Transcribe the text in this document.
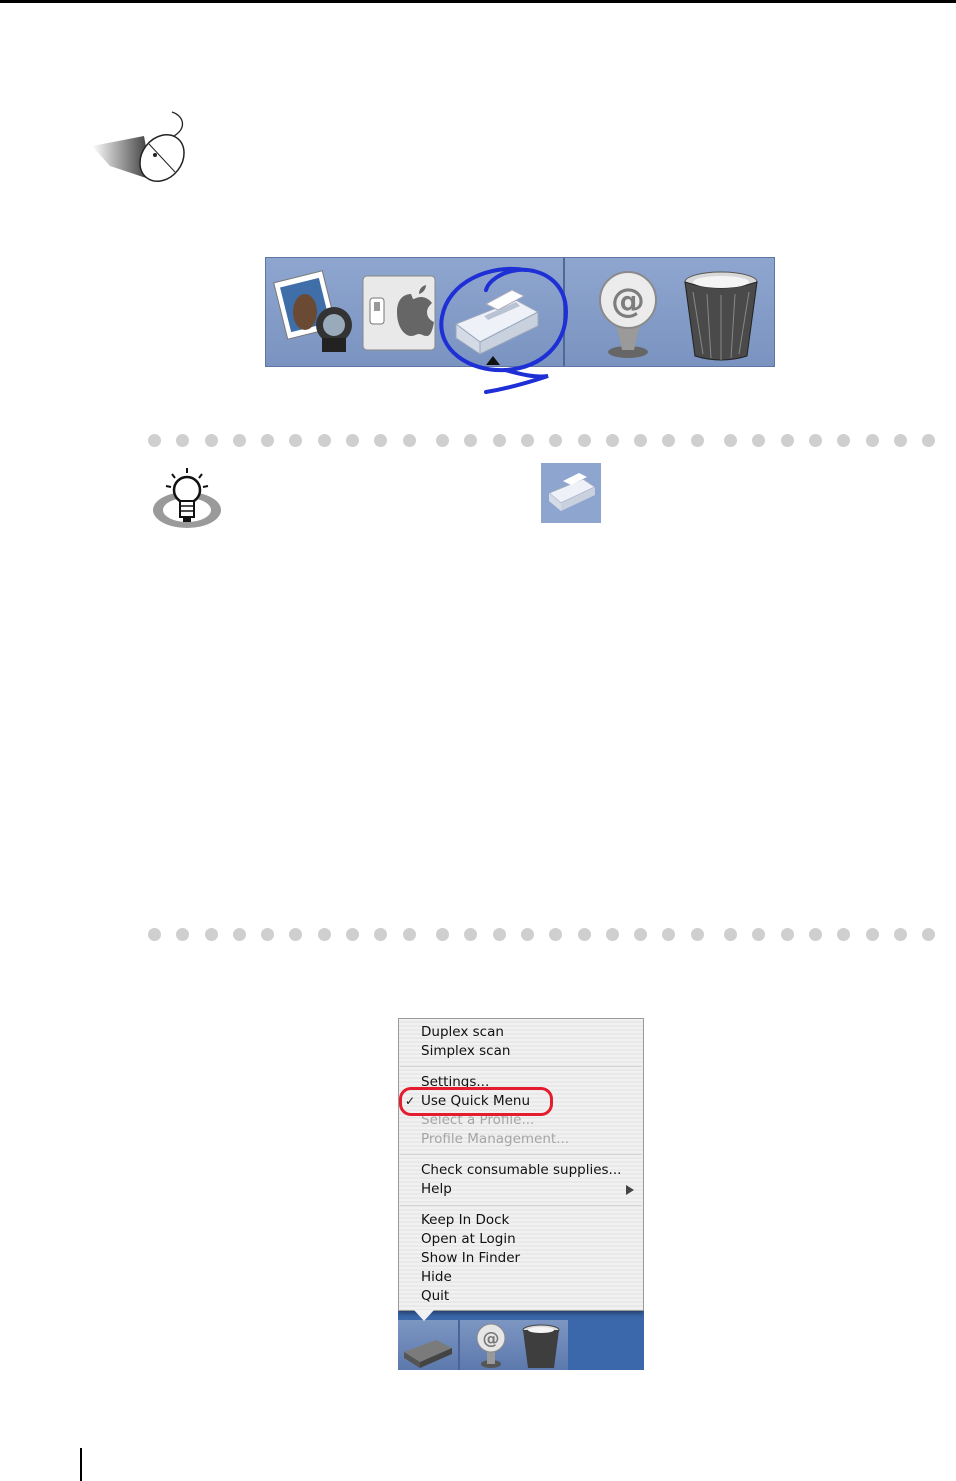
@

@
Duplex scan
Simplex scan
Settings...
✓ Use Quick Menu
Select a Profile...
Profile Management...
Check consumable supplies...
Help
Keep In Dock
Open at Login
Show In Finder
Hide
Quit
